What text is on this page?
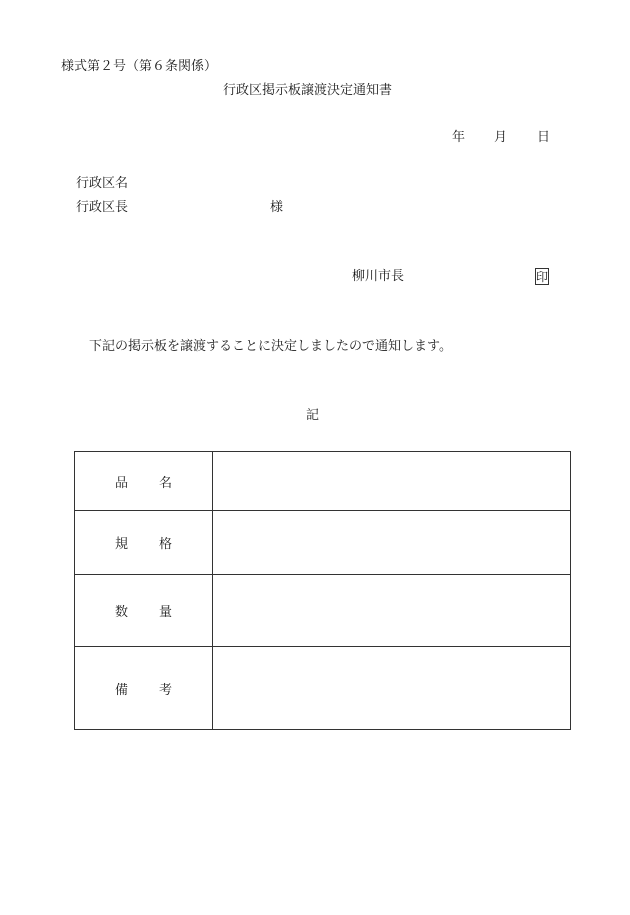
様式第２号（第６条関係）
行政区掲示板譲渡決定通知書
年 月 日
行政区名
行政区長	様
柳川市長	印
下記の掲示板を譲渡することに決定しましたので通知します。
記
品名	
規格	
数量	
備考	
